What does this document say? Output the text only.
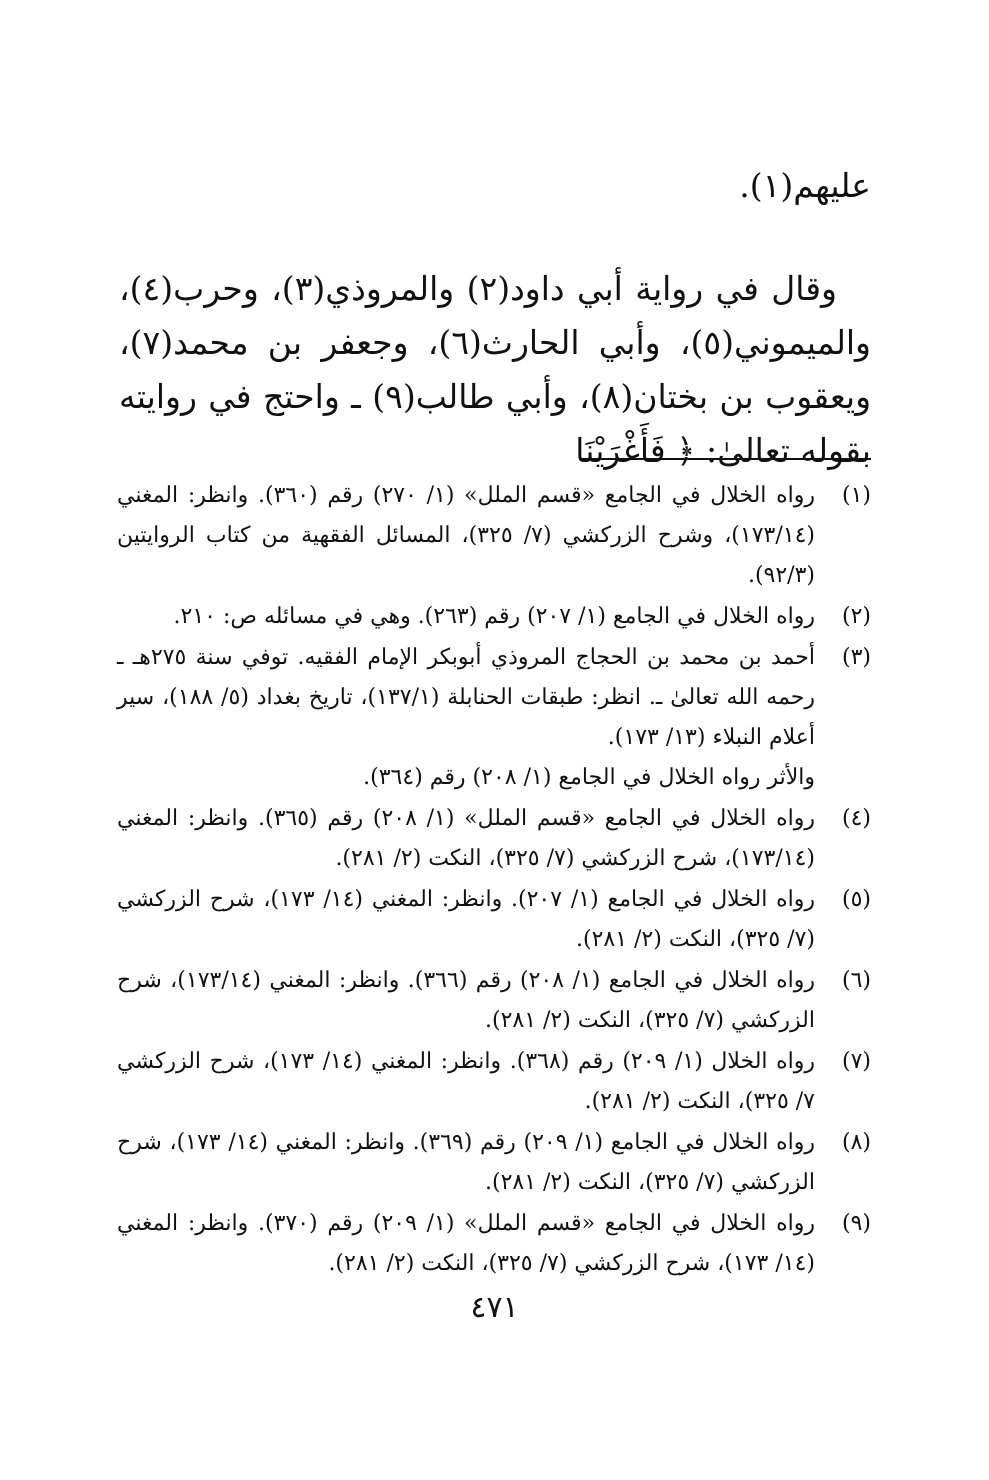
عليهم(١).

وقال في رواية أبي داود(٢) والمروذي(٣)، وحرب(٤)، والميموني(٥)، وأبي الحارث(٦)، وجعفر بن محمد(٧)، ويعقوب بن بختان(٨)، وأبي طالب(٩) ـ واحتج في روايته بقوله تعالىٰ: ﴿ فَأَغْرَيْنَا

(١)

رواه الخلال في الجامع «قسم الملل» (١/ ٢٧٠) رقم (٣٦٠). وانظر: المغني (١٧٣/١٤)، وشرح الزركشي (٧/ ٣٢٥)، المسائل الفقهية من كتاب الروايتين (٩٢/٣).

(٢)

رواه الخلال في الجامع (١/ ٢٠٧) رقم (٢٦٣). وهي في مسائله ص: ٢١٠.

(٣)

أحمد بن محمد بن الحجاج المروذي أبوبكر الإمام الفقيه. توفي سنة ٢٧٥هـ ـ رحمه الله تعالىٰ ـ. انظر: طبقات الحنابلة (١٣٧/١)، تاريخ بغداد (٥/ ١٨٨)، سير أعلام النبلاء (١٣/ ١٧٣).

والأثر رواه الخلال في الجامع (١/ ٢٠٨) رقم (٣٦٤).

(٤)

رواه الخلال في الجامع «قسم الملل» (١/ ٢٠٨) رقم (٣٦٥). وانظر: المغني (١٧٣/١٤)، شرح الزركشي (٧/ ٣٢٥)، النكت (٢/ ٢٨١).

(٥)

رواه الخلال في الجامع (١/ ٢٠٧). وانظر: المغني (١٤/ ١٧٣)، شرح الزركشي (٧/ ٣٢٥)، النكت (٢/ ٢٨١).

(٦)

رواه الخلال في الجامع (١/ ٢٠٨) رقم (٣٦٦). وانظر: المغني (١٧٣/١٤)، شرح الزركشي (٧/ ٣٢٥)، النكت (٢/ ٢٨١).

(٧)

رواه الخلال (١/ ٢٠٩) رقم (٣٦٨). وانظر: المغني (١٤/ ١٧٣)، شرح الزركشي ٧/ ٣٢٥)، النكت (٢/ ٢٨١).

(٨)

رواه الخلال في الجامع (١/ ٢٠٩) رقم (٣٦٩). وانظر: المغني (١٤/ ١٧٣)، شرح الزركشي (٧/ ٣٢٥)، النكت (٢/ ٢٨١).

(٩)

رواه الخلال في الجامع «قسم الملل» (١/ ٢٠٩) رقم (٣٧٠). وانظر: المغني (١٤/ ١٧٣)، شرح الزركشي (٧/ ٣٢٥)، النكت (٢/ ٢٨١).

٤٧١
